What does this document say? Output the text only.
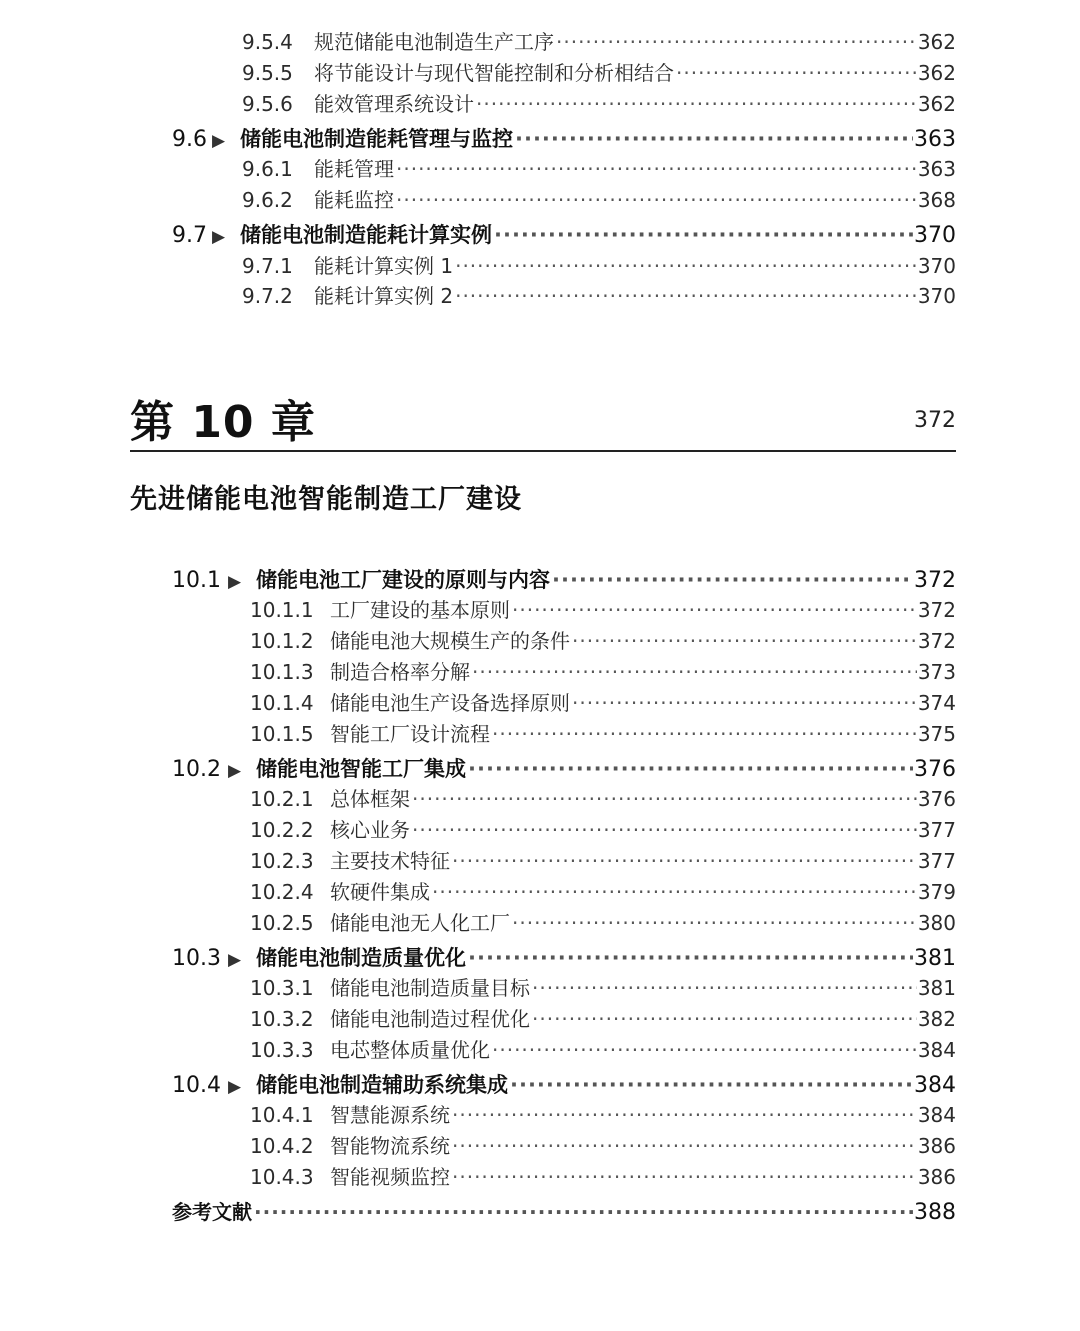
9.5.4	规范储能电池制造生产工序 ·····	362
9.5.5	将节能设计与现代智能控制和分析相结合 ·····	362
9.5.6	能效管理系统设计 ·····	362
9.6 ▶ 储能电池制造能耗管理与监控 ·····	363
9.6.1	能耗管理 ·····	363
9.6.2	能耗监控 ·····	368
9.7 ▶ 储能电池制造能耗计算实例 ·····	370
9.7.1	能耗计算实例 1 ·····	370
9.7.2	能耗计算实例 2 ·····	370
第 10 章	372
先进储能电池智能制造工厂建设
10.1 ▶ 储能电池工厂建设的原则与内容 ·····	372
10.1.1 工厂建设的基本原则 ·····	372
10.1.2 储能电池大规模生产的条件 ·····	372
10.1.3 制造合格率分解 ·····	373
10.1.4 储能电池生产设备选择原则 ·····	374
10.1.5 智能工厂设计流程 ·····	375
10.2 ▶ 储能电池智能工厂集成 ·····	376
10.2.1 总体框架 ·····	376
10.2.2 核心业务 ·····	377
10.2.3 主要技术特征 ·····	377
10.2.4 软硬件集成 ·····	379
10.2.5 储能电池无人化工厂 ·····	380
10.3 ▶ 储能电池制造质量优化 ·····	381
10.3.1 储能电池制造质量目标 ·····	381
10.3.2 储能电池制造过程优化 ·····	382
10.3.3 电芯整体质量优化 ·····	384
10.4 ▶ 储能电池制造辅助系统集成 ·····	384
10.4.1 智慧能源系统 ·····	384
10.4.2 智能物流系统 ·····	386
10.4.3 智能视频监控 ·····	386
参考文献 ·····	388
